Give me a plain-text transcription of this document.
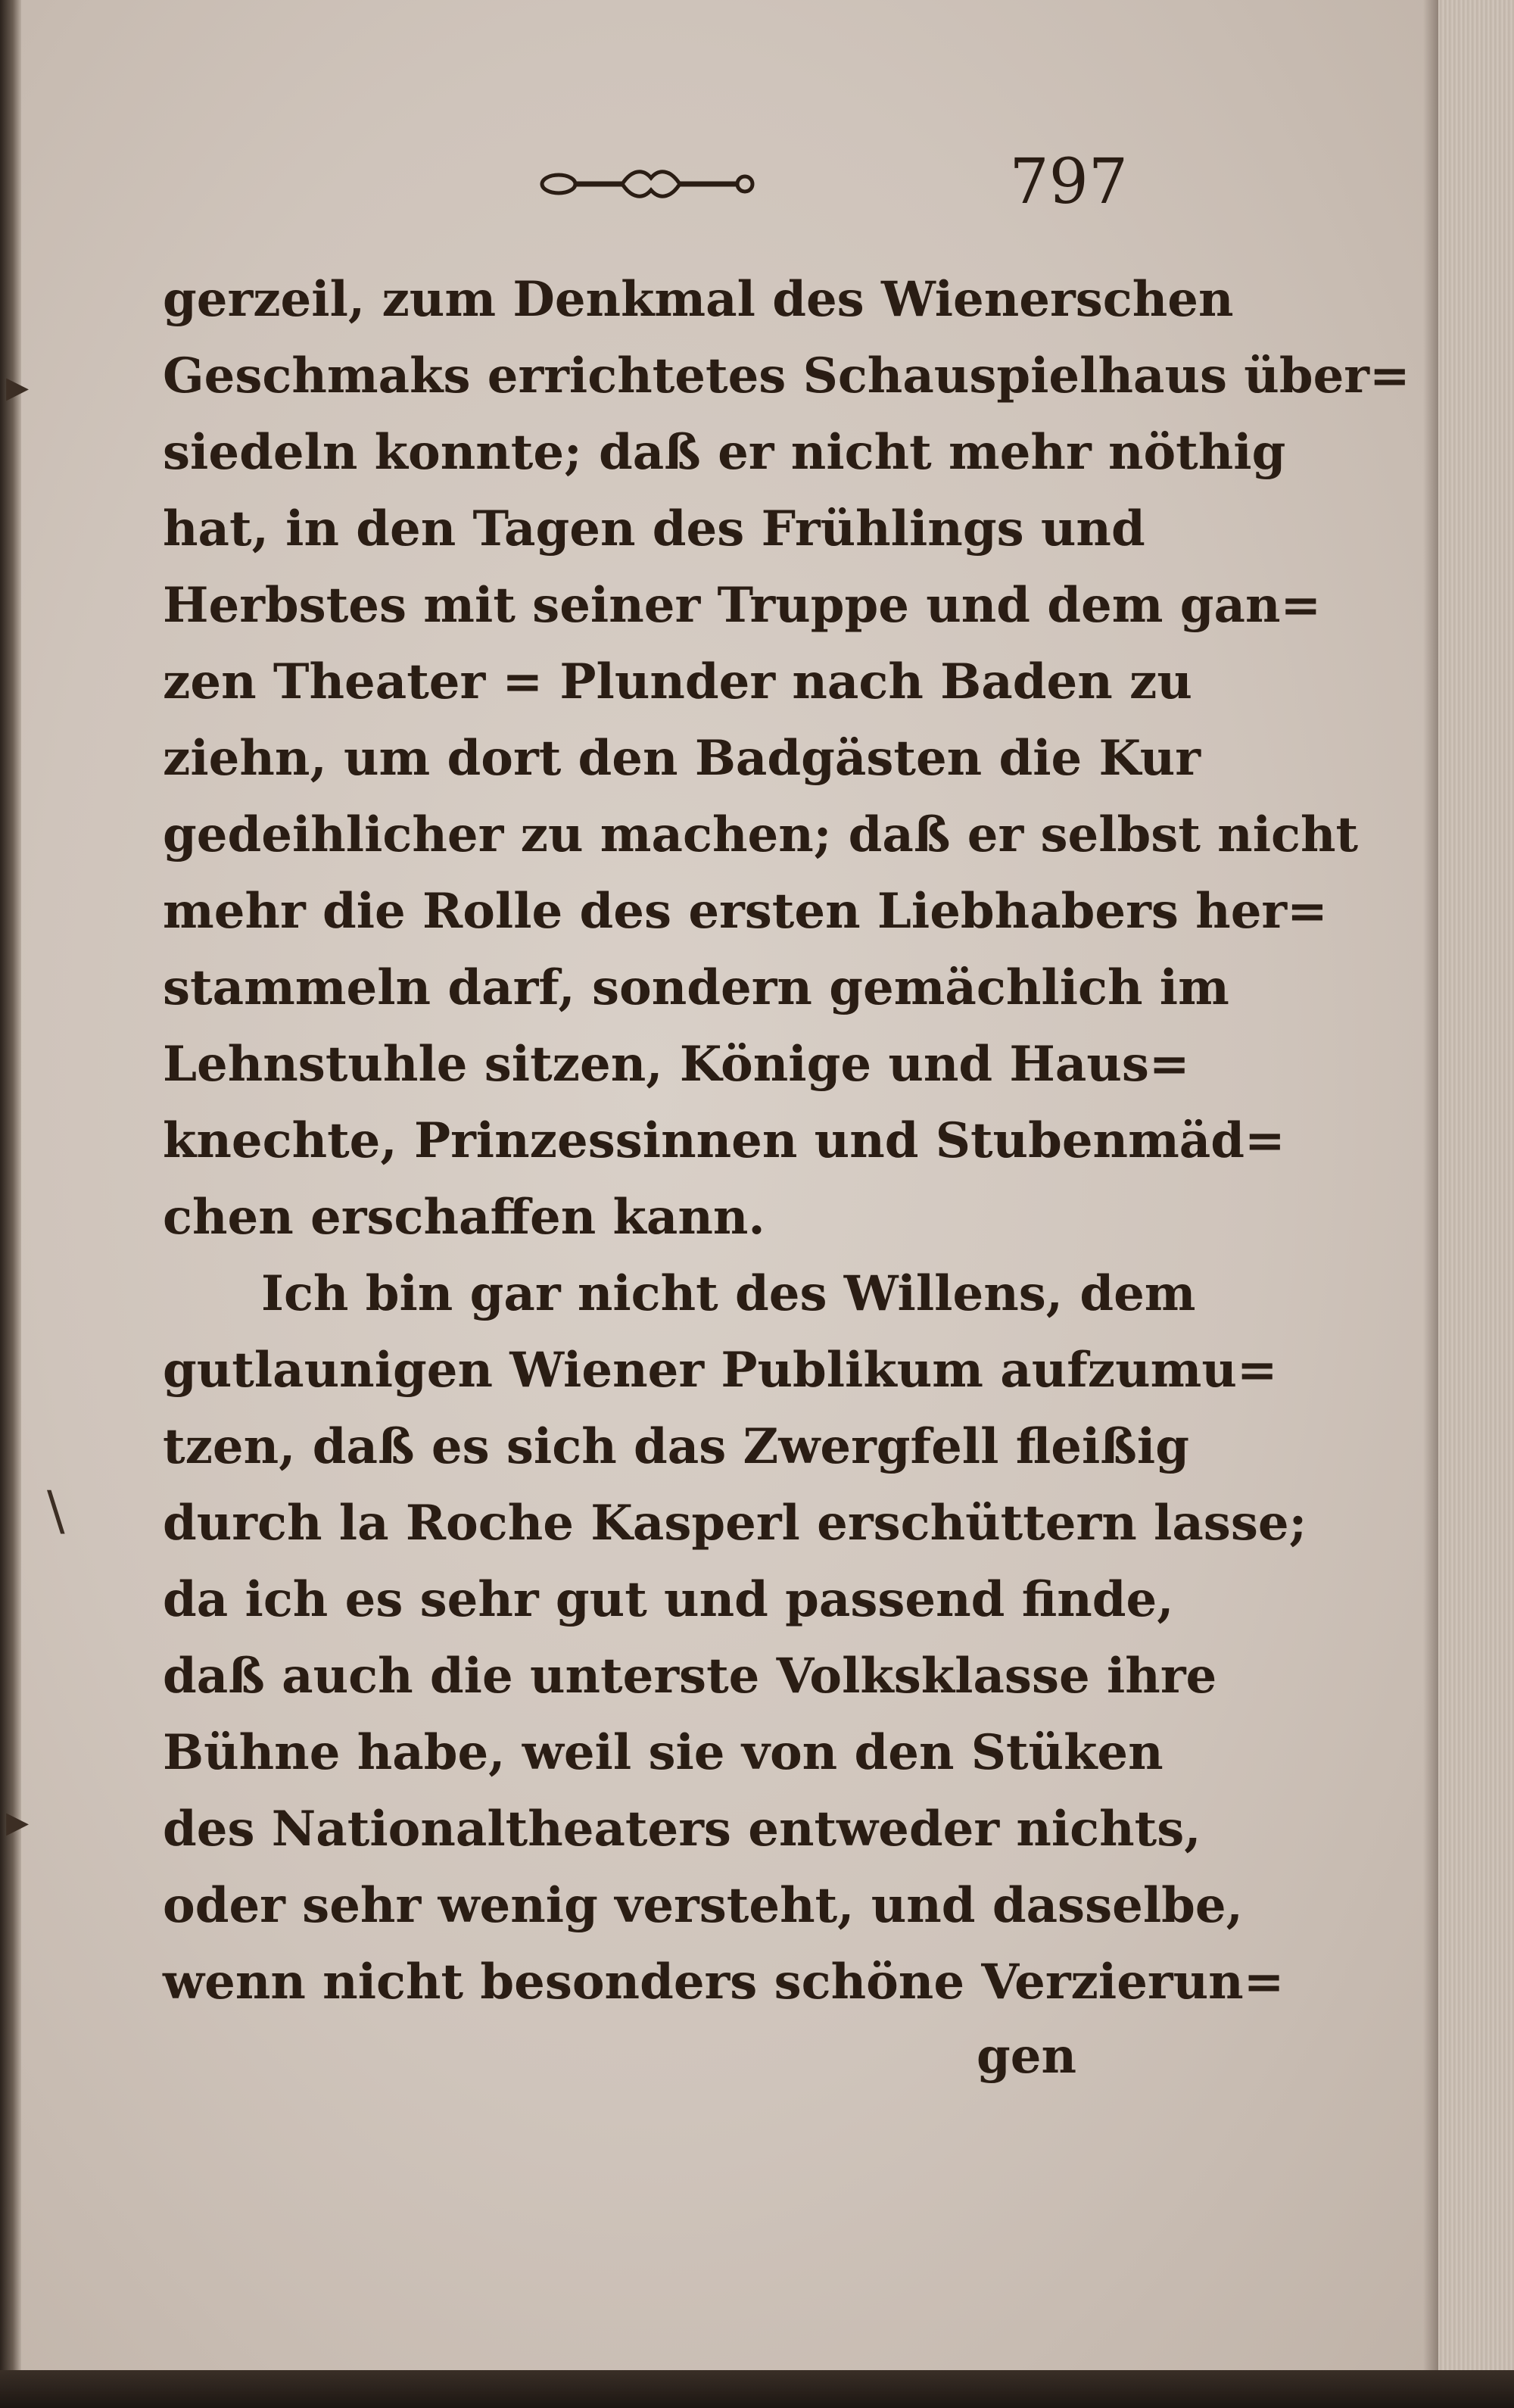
▸
▸
\
797
gerzeil, zum Denkmal des Wienerschen
Geschmaks errichtetes Schauspielhaus über=
siedeln konnte; daß er nicht mehr nöthig
hat, in den Tagen des Frühlings und
Herbstes mit seiner Truppe und dem gan=
zen Theater = Plunder nach Baden zu
ziehn, um dort den Badgästen die Kur
gedeihlicher zu machen; daß er selbst nicht
mehr die Rolle des ersten Liebhabers her=
stammeln darf, sondern gemächlich im
Lehnstuhle sitzen, Könige und Haus=
knechte, Prinzessinnen und Stubenmäd=
chen erschaffen kann.
Ich bin gar nicht des Willens, dem
gutlaunigen Wiener Publikum aufzumu=
tzen, daß es sich das Zwergfell fleißig
durch la Roche Kasperl erschüttern lasse;
da ich es sehr gut und passend finde,
daß auch die unterste Volksklasse ihre
Bühne habe, weil sie von den Stüken
des Nationaltheaters entweder nichts,
oder sehr wenig versteht, und dasselbe,
wenn nicht besonders schöne Verzierun=
gen
